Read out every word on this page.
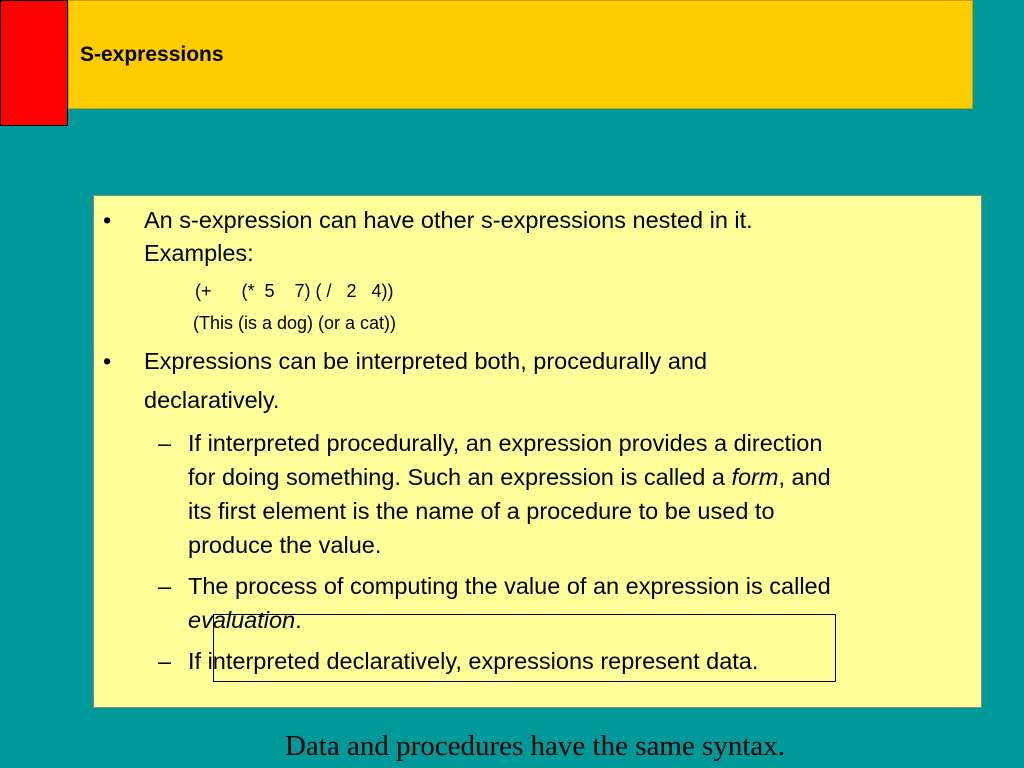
S-expressions
• An s-expression can have other s-expressions nested in it.
Examples:
(+      (*  5    7) ( /   2   4))
(This (is a dog) (or a cat))
• Expressions can be interpreted both, procedurally and
declaratively.
– If interpreted procedurally, an expression provides a direction
for doing something. Such an expression is called a form, and
its first element is the name of a procedure to be used to
produce the value.
– The process of computing the value of an expression is called
evaluation.
– If interpreted declaratively, expressions represent data.
Data and procedures have the same syntax.
